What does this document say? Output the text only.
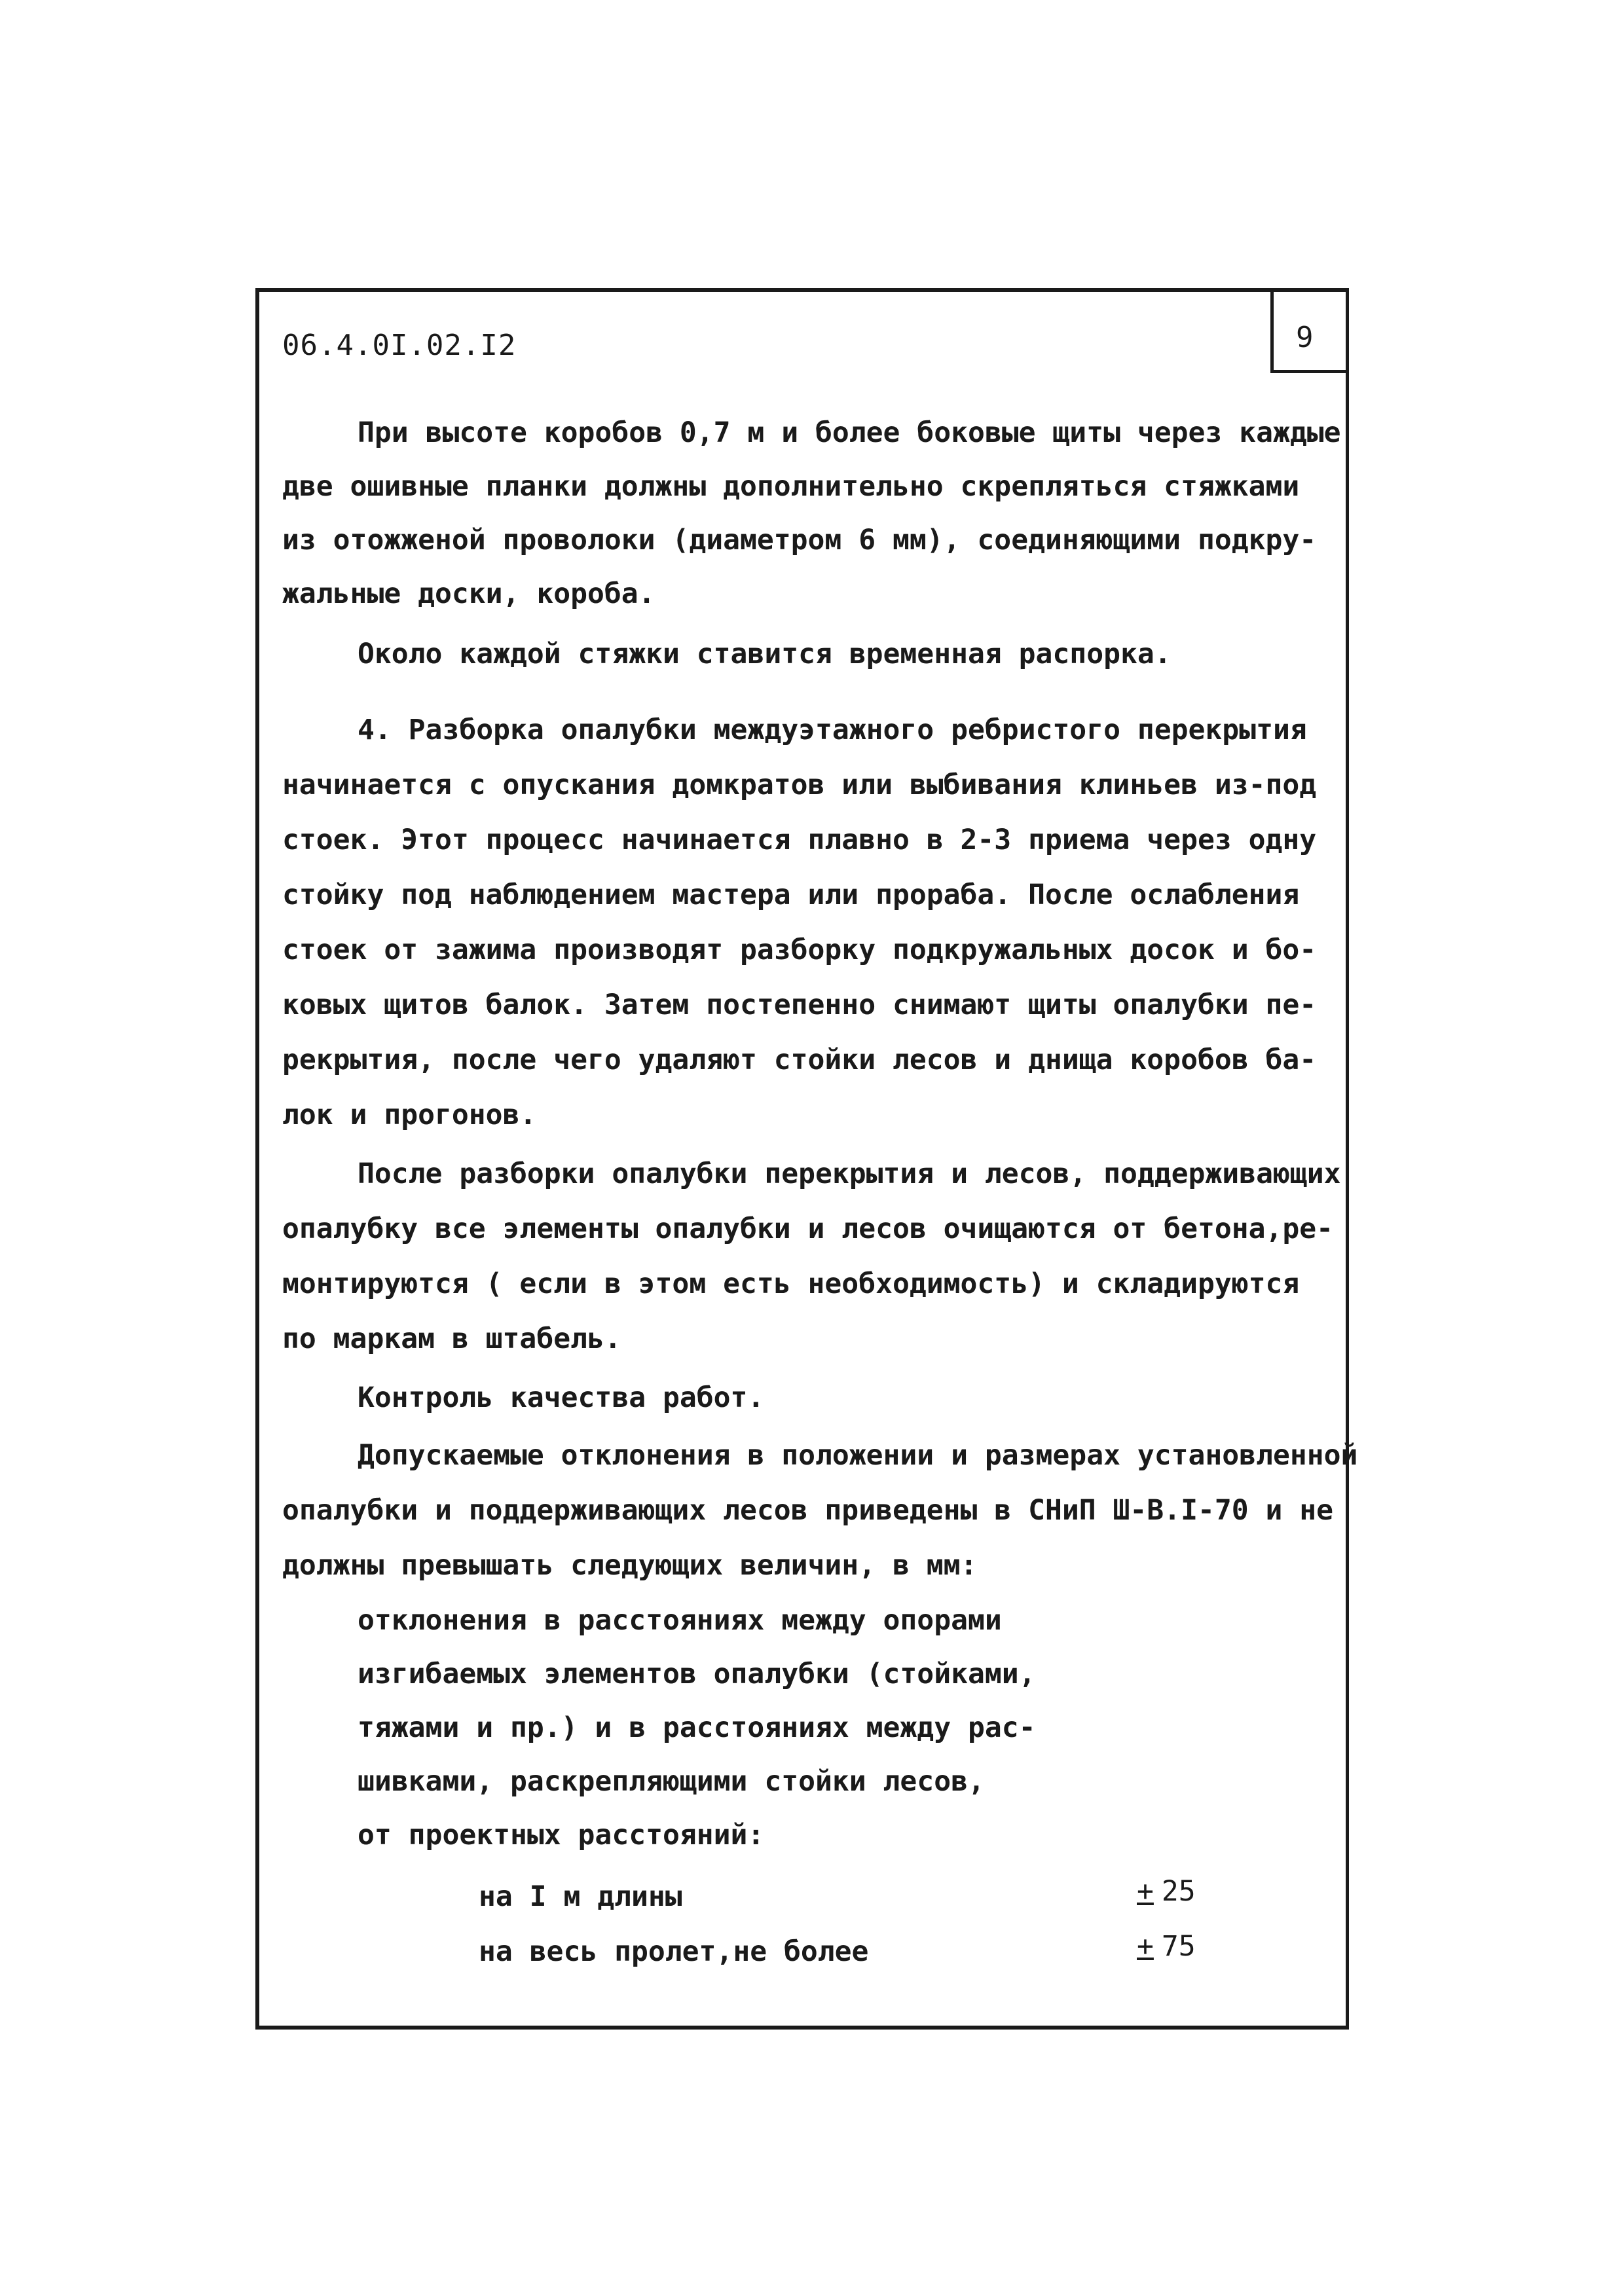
06.4.0I.02.I2	9
При высоте коробов 0,7 м и более боковые щиты через каждые
две ошивные планки должны дополнительно скрепляться стяжками
из отожженой проволоки (диаметром 6 мм), соединяющими подкру-
жальные доски, короба.
Около каждой стяжки ставится временная распорка.
4. Разборка опалубки междуэтажного ребристого перекрытия
начинается с опускания домкратов или выбивания клиньев из-под
стоек. Этот процесс начинается плавно в 2-3 приема через одну
стойку под наблюдением мастера или прораба. После ослабления
стоек от зажима производят разборку подкружальных досок и бо-
ковых щитов балок. Затем постепенно снимают щиты опалубки пе-
рекрытия, после чего удаляют стойки лесов и днища коробов ба-
лок и прогонов.
После разборки опалубки перекрытия и лесов, поддерживающих
опалубку все элементы опалубки и лесов очищаются от бетона,ре-
монтируются ( если в этом есть необходимость) и складируются
по маркам в штабель.
Контроль качества работ.
Допускаемые отклонения в положении и размерах установленной
опалубки и поддерживающих лесов приведены в СНиП Ш-В.I-70 и не
должны превышать следующих величин, в мм:
отклонения в расстояниях между опорами
изгибаемых элементов опалубки (стойками,
тяжами и пр.) и в расстояниях между рас-
шивками, раскрепляющими стойки лесов,
от проектных расстояний:
на I м длины	+ 25
на весь пролет,не более	+ 75
